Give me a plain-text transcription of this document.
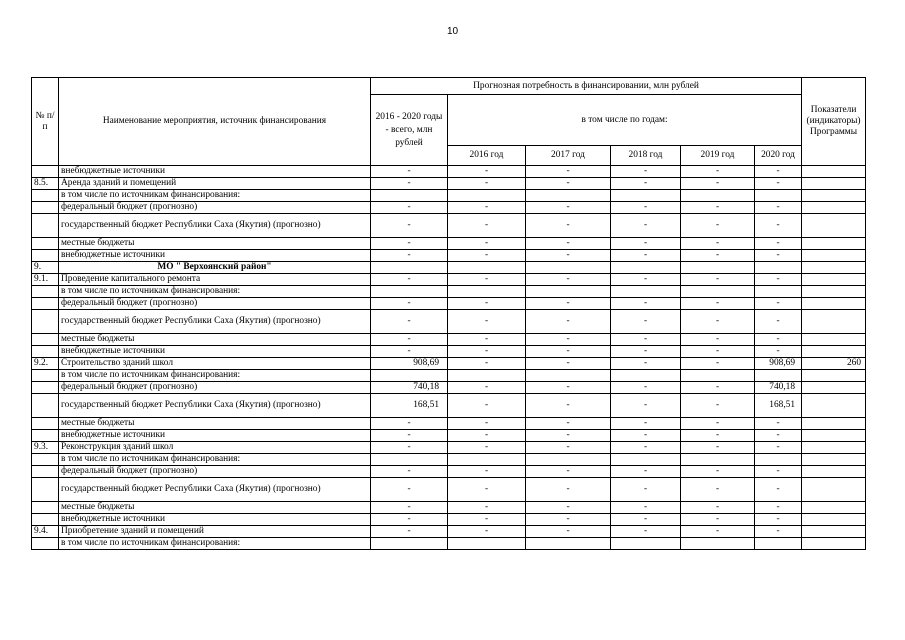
10
№ п/п	Наименование мероприятия, источник финансирования	Прогнозная потребность в финансировании, млн рублей						Показатели (индикаторы) Программы
		2016 - 2020 годы - всего, млн рублей	в том числе по годам:					
			2016 год	2017 год	2018 год	2019 год	2020 год	
	внебюджетные источники	-	-	-	-	-	-	
8.5.	Аренда зданий и помещений	-	-	-	-	-	-	
	в том числе по источникам финансирования:							
	федеральный бюджет (прогнозно)	-	-	-	-	-	-	
	государственный бюджет Республики Саха (Якутия) (прогнозно)	-	-	-	-	-	-	
	местные бюджеты	-	-	-	-	-	-	
	внебюджетные источники	-	-	-	-	-	-	
9.	МО " Верхоянский район"							
9.1.	Проведение капитального ремонта	-	-	-	-	-	-	
	в том числе по источникам финансирования:							
	федеральный бюджет (прогнозно)	-	-	-	-	-	-	
	государственный бюджет Республики Саха (Якутия) (прогнозно)	-	-	-	-	-	-	
	местные бюджеты	-	-	-	-	-	-	
	внебюджетные источники	-	-	-	-	-	-	
9.2.	Строительство зданий школ	908,69	-	-	-	-	908,69	260
	в том числе по источникам финансирования:							
	федеральный бюджет (прогнозно)	740,18	-	-	-	-	740,18	
	государственный бюджет Республики Саха (Якутия) (прогнозно)	168,51	-	-	-	-	168,51	
	местные бюджеты	-	-	-	-	-	-	
	внебюджетные источники	-	-	-	-	-	-	
9.3.	Реконструкция зданий школ	-	-	-	-	-	-	
	в том числе по источникам финансирования:							
	федеральный бюджет (прогнозно)	-	-	-	-	-	-	
	государственный бюджет Республики Саха (Якутия) (прогнозно)	-	-	-	-	-	-	
	местные бюджеты	-	-	-	-	-	-	
	внебюджетные источники	-	-	-	-	-	-	
9.4.	Приобретение зданий и помещений	-	-	-	-	-	-	
	в том числе по источникам финансирования:							
